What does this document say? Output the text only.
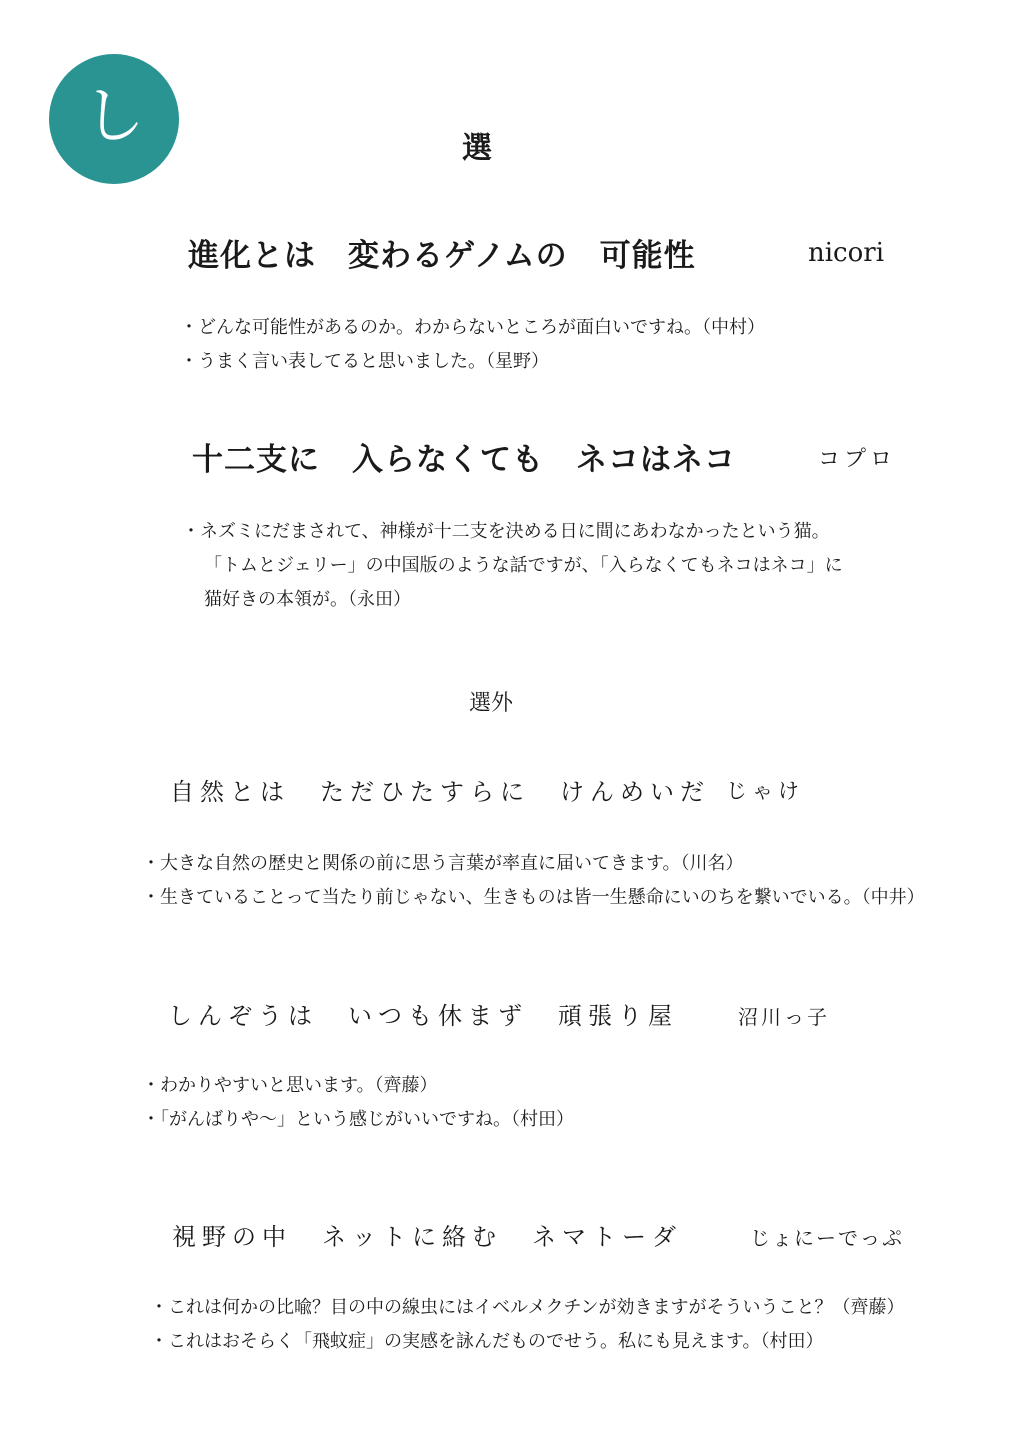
し	選
進化とは　変わるゲノムの　可能性	nicori
・どんな可能性があるのか。わからないところが面白いですね。（中村）
・うまく言い表してると思いました。（星野）
十二支に　入らなくても　ネコはネコ	コプロ
・ネズミにだまされて、神様が十二支を決める日に間にあわなかったという猫。
「トムとジェリー」の中国版のような話ですが、「入らなくてもネコはネコ」に
猫好きの本領が。（永田）
選外
自然とは　ただひたすらに　けんめいだ じゃけ
・大きな自然の歴史と関係の前に思う言葉が率直に届いてきます。（川名）
・生きていることって当たり前じゃない、生きものは皆一生懸命にいのちを繋いでいる。（中井）
しんぞうは　いつも休まず　頑張り屋	沼川っ子
・わかりやすいと思います。（齊藤）
・「がんばりや〜」という感じがいいですね。（村田）
視野の中　ネットに絡む　ネマトーダ	じょにーでっぷ
・これは何かの比喩？目の中の線虫にはイベルメクチンが効きますがそういうこと？（齊藤）
・これはおそらく「飛蚊症」の実感を詠んだものでせう。私にも見えます。（村田）
